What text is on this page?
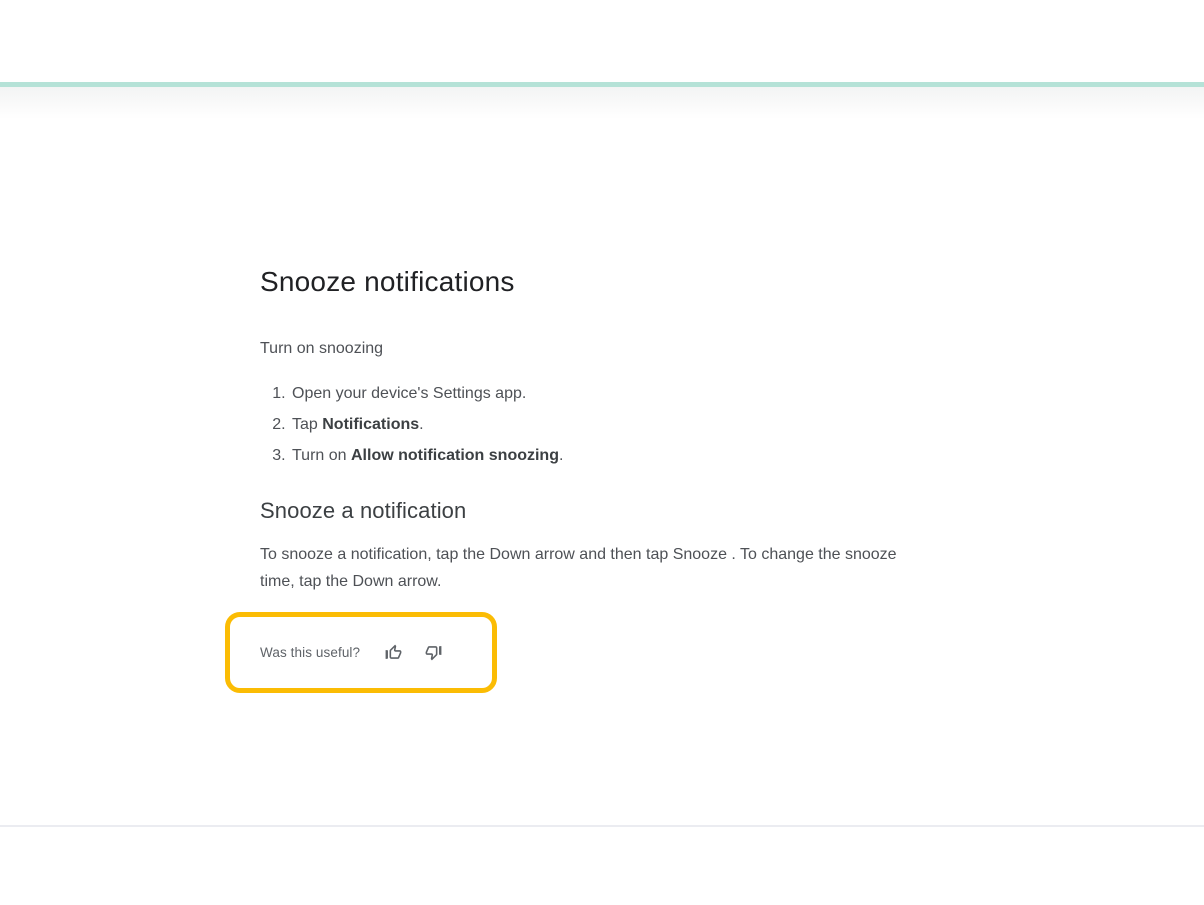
Snooze notifications

Turn on snoozing

1. Open your device's Settings app.
2. Tap Notifications.
3. Turn on Allow notification snoozing.
Snooze a notification

To snooze a notification, tap the Down arrow and then tap Snooze . To change the snooze time, tap the Down arrow.

Was this useful?
